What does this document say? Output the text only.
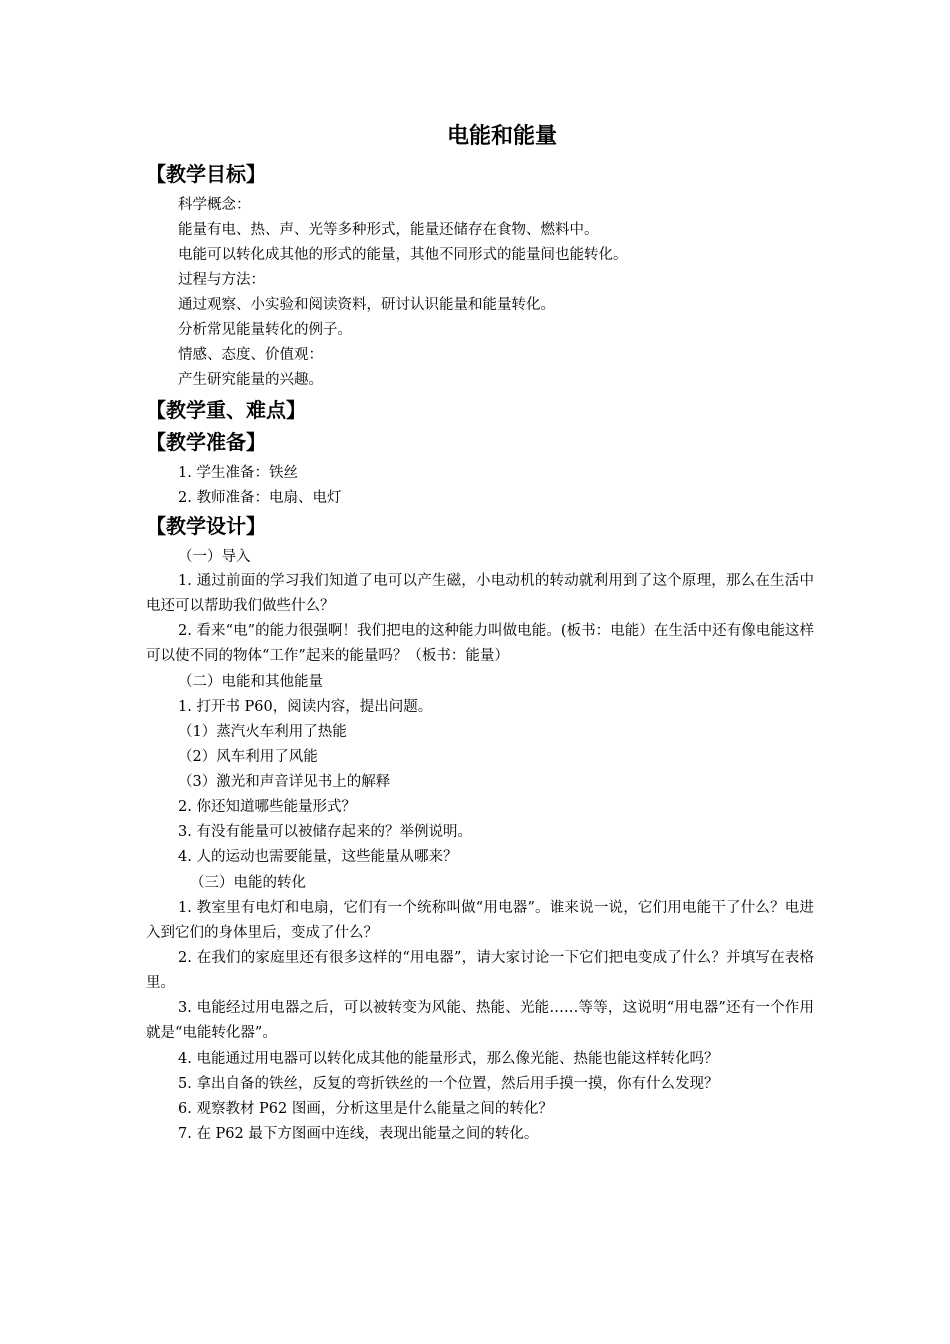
电能和能量
【教学目标】
科学概念：
能量有电、热、声、光等多种形式，能量还储存在食物、燃料中。
电能可以转化成其他的形式的能量，其他不同形式的能量间也能转化。
过程与方法：
通过观察、小实验和阅读资料，研讨认识能量和能量转化。
分析常见能量转化的例子。
情感、态度、价值观：
产生研究能量的兴趣。
【教学重、难点】
【教学准备】
1. 学生准备：铁丝
2. 教师准备：电扇、电灯
【教学设计】
（一）导入
1. 通过前面的学习我们知道了电可以产生磁，小电动机的转动就利用到了这个原理，那么在生活中电还可以帮助我们做些什么？
2. 看来“电”的能力很强啊！我们把电的这种能力叫做电能。(板书：电能）在生活中还有像电能这样可以使不同的物体“工作”起来的能量吗？（板书：能量）
（二）电能和其他能量
1. 打开书 P60，阅读内容，提出问题。
（1）蒸汽火车利用了热能
（2）风车利用了风能
（3）激光和声音详见书上的解释
2. 你还知道哪些能量形式？
3. 有没有能量可以被储存起来的？举例说明。
4. 人的运动也需要能量，这些能量从哪来？
（三）电能的转化
1. 教室里有电灯和电扇，它们有一个统称叫做“用电器”。谁来说一说，它们用电能干了什么？电进入到它们的身体里后，变成了什么？
2. 在我们的家庭里还有很多这样的“用电器”，请大家讨论一下它们把电变成了什么？并填写在表格里。
3. 电能经过用电器之后，可以被转变为风能、热能、光能……等等，这说明“用电器”还有一个作用就是“电能转化器”。
4. 电能通过用电器可以转化成其他的能量形式，那么像光能、热能也能这样转化吗？
5. 拿出自备的铁丝，反复的弯折铁丝的一个位置，然后用手摸一摸，你有什么发现？
6. 观察教材 P62 图画，分析这里是什么能量之间的转化？
7. 在 P62 最下方图画中连线，表现出能量之间的转化。
